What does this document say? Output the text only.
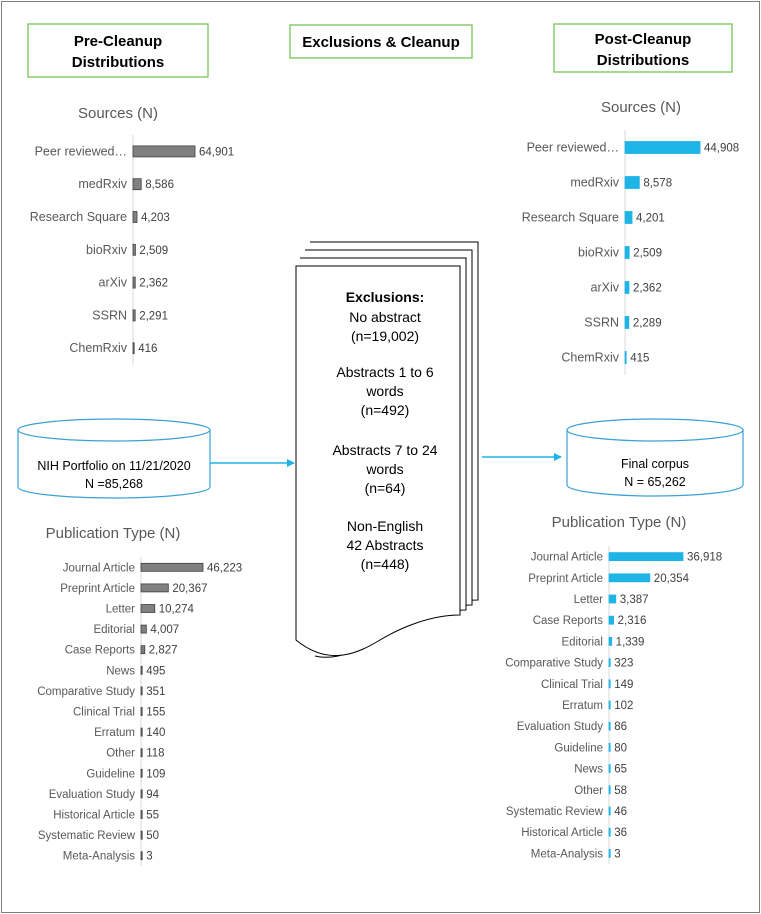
Pre-Cleanup
Distributions
Exclusions & Cleanup	Post-Cleanup
Distributions
Sources (N)
Peer reviewed…	64,901
medRxiv 8,586
Research Square 4,203
bioRxiv 2,509
arXiv 2,362
SSRN 2,291
ChemRxiv 416
Publication Type (N)
Journal Article	46,223
Preprint Article	20,367
Letter 10,274
Editorial 4,007
Case Reports 2,827
News 495
Comparative Study 351
Clinical Trial 155
Erratum 140
Other 118
Guideline 109
Evaluation Study 94
Historical Article 55
Systematic Review 50
Meta-Analysis 3
Sources (N)
Peer reviewed…	44,908
medRxiv 8,578
Research Square 4,201
bioRxiv 2,509
arXiv 2,362
SSRN 2,289
ChemRxiv 415
Publication Type (N)
Journal Article	36,918
Preprint Article	20,354
Letter 3,387
Case Reports 2,316
Editorial 1,339
Comparative Study 323
Clinical Trial 149
Erratum 102
Evaluation Study 86
Guideline 80
News 65
Other 58
Systematic Review 46
Historical Article 36
Meta-Analysis 3
NIH Portfolio on 11/21/2020
N =85,268
Final corpus
N = 65,262
Exclusions:
No abstract
(n=19,002)
Abstracts 1 to 6
words
(n=492)
Abstracts 7 to 24
words
(n=64)
Non-English
42 Abstracts
(n=448)
